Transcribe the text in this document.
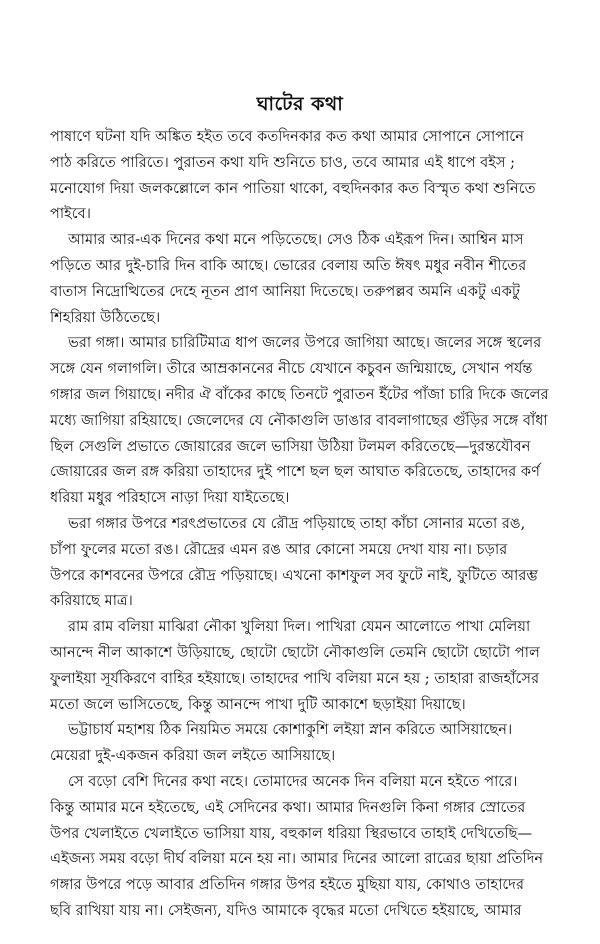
ঘাটের কথা
পাষাণে ঘটনা যদি অঙ্কিত হইত তবে কতদিনকার কত কথা আমার সোপানে সোপানে
পাঠ করিতে পারিতে। পুরাতন কথা যদি শুনিতে চাও, তবে আমার এই ধাপে বইস ;
মনোযোগ দিয়া জলকল্লোলে কান পাতিয়া থাকো, বহুদিনকার কত বিস্মৃত কথা শুনিতে
পাইবে।
আমার আর-এক দিনের কথা মনে পড়িতেছে। সেও ঠিক এইরূপ দিন। আশ্বিন মাস
পড়িতে আর দুই-চারি দিন বাকি আছে। ভোরের বেলায় অতি ঈষৎ মধুর নবীন শীতের
বাতাস নিদ্রোত্থিতের দেহে নূতন প্রাণ আনিয়া দিতেছে। তরুপল্লব অমনি একটু একটু
শিহরিয়া উঠিতেছে।
ভরা গঙ্গা। আমার চারিটিমাত্র ধাপ জলের উপরে জাগিয়া আছে। জলের সঙ্গে স্থলের
সঙ্গে যেন গলাগলি। তীরে আম্রকাননের নীচে যেখানে কচুবন জন্মিয়াছে, সেখান পর্যন্ত
গঙ্গার জল গিয়াছে। নদীর ঐ বাঁকের কাছে তিনটে পুরাতন ইঁটের পাঁজা চারি দিকে জলের
মধ্যে জাগিয়া রহিয়াছে। জেলেদের যে নৌকাগুলি ডাঙার বাবলাগাছের গুঁড়ির সঙ্গে বাঁধা
ছিল সেগুলি প্রভাতে জোয়ারের জলে ভাসিয়া উঠিয়া টলমল করিতেছে—দুরন্তযৌবন
জোয়ারের জল রঙ্গ করিয়া তাহাদের দুই পাশে ছল ছল আঘাত করিতেছে, তাহাদের কর্ণ
ধরিয়া মধুর পরিহাসে নাড়া দিয়া যাইতেছে।
ভরা গঙ্গার উপরে শরৎপ্রভাতের যে রৌদ্র পড়িয়াছে তাহা কাঁচা সোনার মতো রঙ,
চাঁপা ফুলের মতো রঙ। রৌদ্রের এমন রঙ আর কোনো সময়ে দেখা যায় না। চড়ার
উপরে কাশবনের উপরে রৌদ্র পড়িয়াছে। এখনো কাশফুল সব ফুটে নাই, ফুটিতে আরম্ভ
করিয়াছে মাত্র।
রাম রাম বলিয়া মাঝিরা নৌকা খুলিয়া দিল। পাখিরা যেমন আলোতে পাখা মেলিয়া
আনন্দে নীল আকাশে উড়িয়াছে, ছোটো ছোটো নৌকাগুলি তেমনি ছোটো ছোটো পাল
ফুলাইয়া সূর্যকিরণে বাহির হইয়াছে। তাহাদের পাখি বলিয়া মনে হয় ; তাহারা রাজহাঁসের
মতো জলে ভাসিতেছে, কিন্তু আনন্দে পাখা দুটি আকাশে ছড়াইয়া দিয়াছে।
ভট্টাচার্য মহাশয় ঠিক নিয়মিত সময়ে কোশাকুশি লইয়া স্নান করিতে আসিয়াছেন।
মেয়েরা দুই-একজন করিয়া জল লইতে আসিয়াছে।
সে বড়ো বেশি দিনের কথা নহে। তোমাদের অনেক দিন বলিয়া মনে হইতে পারে।
কিন্তু আমার মনে হইতেছে, এই সেদিনের কথা। আমার দিনগুলি কিনা গঙ্গার স্রোতের
উপর খেলাইতে খেলাইতে ভাসিয়া যায়, বহুকাল ধরিয়া স্থিরভাবে তাহাই দেখিতেছি—
এইজন্য সময় বড়ো দীর্ঘ বলিয়া মনে হয় না। আমার দিনের আলো রাত্রের ছায়া প্রতিদিন
গঙ্গার উপরে পড়ে আবার প্রতিদিন গঙ্গার উপর হইতে মুছিয়া যায়, কোথাও তাহাদের
ছবি রাখিয়া যায় না। সেইজন্য, যদিও আমাকে বৃদ্ধের মতো দেখিতে হইয়াছে, আমার
